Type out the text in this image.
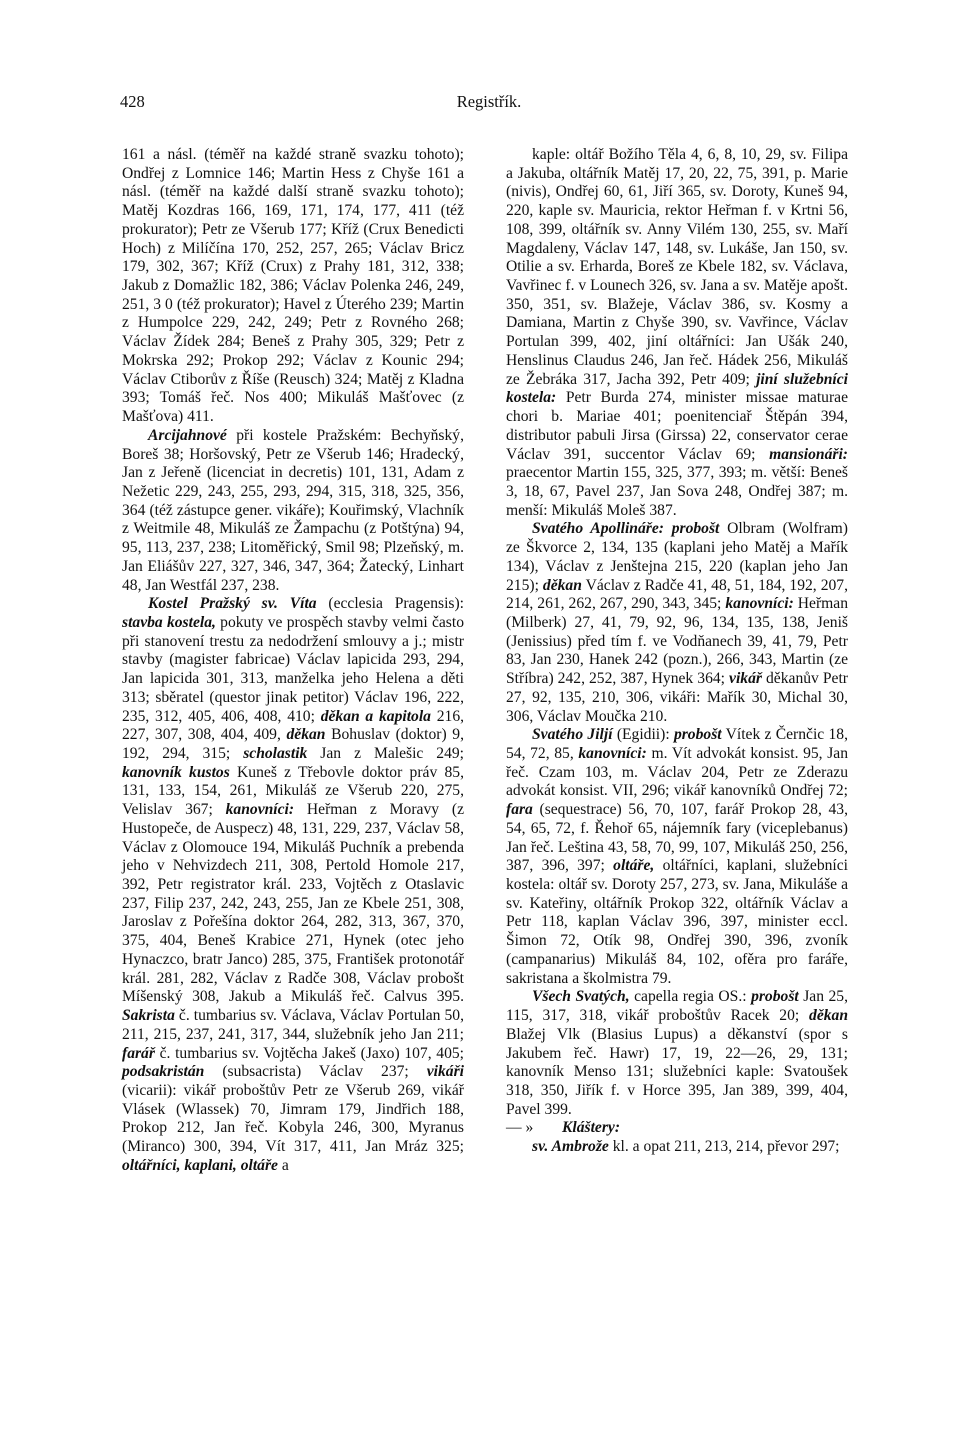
428	Registřík.

161 a násl. (téměř na každé straně svazku tohoto); Ondřej z Lomnice 146; Martin Hess z Chyše 161 a násl. (téměř na každé další straně svazku tohoto); Matěj Kozdras 166, 169, 171, 174, 177, 411 (též prokurator); Petr ze Všerub 177; Kříž (Crux Benedicti Hoch) z Milíčína 170, 252, 257, 265; Václav Bricz 179, 302, 367; Kříž (Crux) z Prahy 181, 312, 338; Jakub z Domažlic 182, 386; Václav Polenka 246, 249, 251, 3 0 (též prokurator); Havel z Úterého 239; Martin z Humpolce 229, 242, 249; Petr z Rovného 268; Václav Žídek 284; Beneš z Prahy 305, 329; Petr z Mokrska 292; Prokop 292; Václav z Kounic 294; Václav Ctiborův z Říše (Reusch) 324; Matěj z Kladna 393; Tomáš řeč. Nos 400; Mikuláš Mašťovec (z Mašťova) 411.

Arcijahnové při kostele Pražském: Bechyňský, Boreš 38; Horšovský, Petr ze Všerub 146; Hradecký, Jan z Jeřeně (licenciat in decretis) 101, 131, Adam z Nežetic 229, 243, 255, 293, 294, 315, 318, 325, 356, 364 (též zástupce gener. vikáře); Kouřimský, Vlachník z Weitmile 48, Mikuláš ze Žampachu (z Potštýna) 94, 95, 113, 237, 238; Litoměřický, Smil 98; Plzeňský, m. Jan Eliášův 227, 327, 346, 347, 364; Žatecký, Linhart 48, Jan Westfál 237, 238.

Kostel Pražský sv. Víta (ecclesia Pragensis): stavba kostela, pokuty ve prospěch stavby velmi často při stanovení trestu za nedodržení smlouvy a j.; mistr stavby (magister fabricae) Václav lapicida 293, 294, Jan lapicida 301, 313, manželka jeho Helena a děti 313; sběratel (questor jinak petitor) Václav 196, 222, 235, 312, 405, 406, 408, 410; děkan a kapitola 216, 227, 307, 308, 404, 409, děkan Bohuslav (doktor) 9, 192, 294, 315; scholastik Jan z Malešic 249; kanovník kustos Kuneš z Třebovle doktor práv 85, 131, 133, 154, 261, Mikuláš ze Všerub 220, 275, Velislav 367; kanovníci: Heřman z Moravy (z Hustopeče, de Auspecz) 48, 131, 229, 237, Václav 58, Václav z Olomouce 194, Mikuláš Puchník a prebenda jeho v Nehvizdech 211, 308, Pertold Homole 217, 392, Petr registrator král. 233, Vojtěch z Otaslavic 237, Filip 237, 242, 243, 255, Jan ze Kbele 251, 308, Jaroslav z Pořešína doktor 264, 282, 313, 367, 370, 375, 404, Beneš Krabice 271, Hynek (otec jeho Hynaczco, bratr Janco) 285, 375, František protonotář král. 281, 282, Václav z Radče 308, Václav probošt Míšenský 308, Jakub a Mikuláš řeč. Calvus 395. Sakrista č. tumbarius sv. Václava, Václav Portulan 50, 211, 215, 237, 241, 317, 344, služebník jeho Jan 211; farář č. tumbarius sv. Vojtěcha Jakeš (Jaxo) 107, 405; podsakristán (subsacrista) Václav 237; vikáři (vicarii): vikář proboštův Petr ze Všerub 269, vikář Vlásek (Wlassek) 70, Jimram 179, Jindřich 188, Prokop 212, Jan řeč. Kobyla 246, 300, Myranus (Miranco) 300, 394, Vít 317, 411, Jan Mráz 325; oltářníci, kaplani, oltáře a

kaple: oltář Božího Těla 4, 6, 8, 10, 29, sv. Filipa a Jakuba, oltářník Matěj 17, 20, 22, 75, 391, p. Marie (nivis), Ondřej 60, 61, Jiří 365, sv. Doroty, Kuneš 94, 220, kaple sv. Mauricia, rektor Heřman f. v Krtni 56, 108, 399, oltářník sv. Anny Vilém 130, 255, sv. Maří Magdaleny, Václav 147, 148, sv. Lukáše, Jan 150, sv. Otilie a sv. Erharda, Boreš ze Kbele 182, sv. Václava, Vavřinec f. v Lounech 326, sv. Jana a sv. Matěje apošt. 350, 351, sv. Blažeje, Václav 386, sv. Kosmy a Damiana, Martin z Chyše 390, sv. Vavřince, Václav Portulan 399, 402, jiní oltářníci: Jan Ušák 240, Henslinus Claudus 246, Jan řeč. Hádek 256, Mikuláš ze Žebráka 317, Jacha 392, Petr 409; jiní služebníci kostela: Petr Burda 274, minister missae maturae chori b. Mariae 401; poenitenciař Štěpán 394, distributor pabuli Jirsa (Girssa) 22, conservator cerae Václav 391, succentor Václav 69; mansionáři: praecentor Martin 155, 325, 377, 393; m. větší: Beneš 3, 18, 67, Pavel 237, Jan Sova 248, Ondřej 387; m. menší: Mikuláš Moleš 387.

Svatého Apollináře: probošt Olbram (Wolfram) ze Škvorce 2, 134, 135 (kaplani jeho Matěj a Mařík 134), Václav z Jenštejna 215, 220 (kaplan jeho Jan 215); děkan Václav z Radče 41, 48, 51, 184, 192, 207, 214, 261, 262, 267, 290, 343, 345; kanovníci: Heřman (Milberk) 27, 41, 79, 92, 96, 134, 135, 138, Jeniš (Jenissius) před tím f. ve Vodňanech 39, 41, 79, Petr 83, Jan 230, Hanek 242 (pozn.), 266, 343, Martin (ze Stříbra) 242, 252, 387, Hynek 364; vikář děkanův Petr 27, 92, 135, 210, 306, vikáři: Mařík 30, Michal 30, 306, Václav Moučka 210.

Svatého Jiljí (Egidii): probošt Vítek z Černčic 18, 54, 72, 85, kanovníci: m. Vít advokát konsist. 95, Jan řeč. Czam 103, m. Václav 204, Petr ze Zderazu advokát konsist. VII, 296; vikář kanovníků Ondřej 72; fara (sequestrace) 56, 70, 107, farář Prokop 28, 43, 54, 65, 72, f. Řehoř 65, nájemník fary (viceplebanus) Jan řeč. Leština 43, 58, 70, 99, 107, Mikuláš 250, 256, 387, 396, 397; oltáře, oltářníci, kaplani, služebníci kostela: oltář sv. Doroty 257, 273, sv. Jana, Mikuláše a sv. Kateřiny, oltářník Prokop 322, oltářník Václav a Petr 118, kaplan Václav 396, 397, minister eccl. Šimon 72, Otík 98, Ondřej 390, 396, zvoník (campanarius) Mikuláš 84, 102, ofěra pro faráře, sakristana a školmistra 79.

Všech Svatých, capella regia OS.: probošt Jan 25, 115, 317, 318, vikář proboštův Racek 20; děkan Blažej Vlk (Blasius Lupus) a děkanství (spor s Jakubem řeč. Hawr) 17, 19, 22—26, 29, 131; kanovník Menso 131; služebníci kaple: Svatoušek 318, 350, Jiřík f. v Horce 395, Jan 389, 399, 404, Pavel 399.

— » Kláštery:

sv. Ambrože kl. a opat 211, 213, 214, převor 297;
